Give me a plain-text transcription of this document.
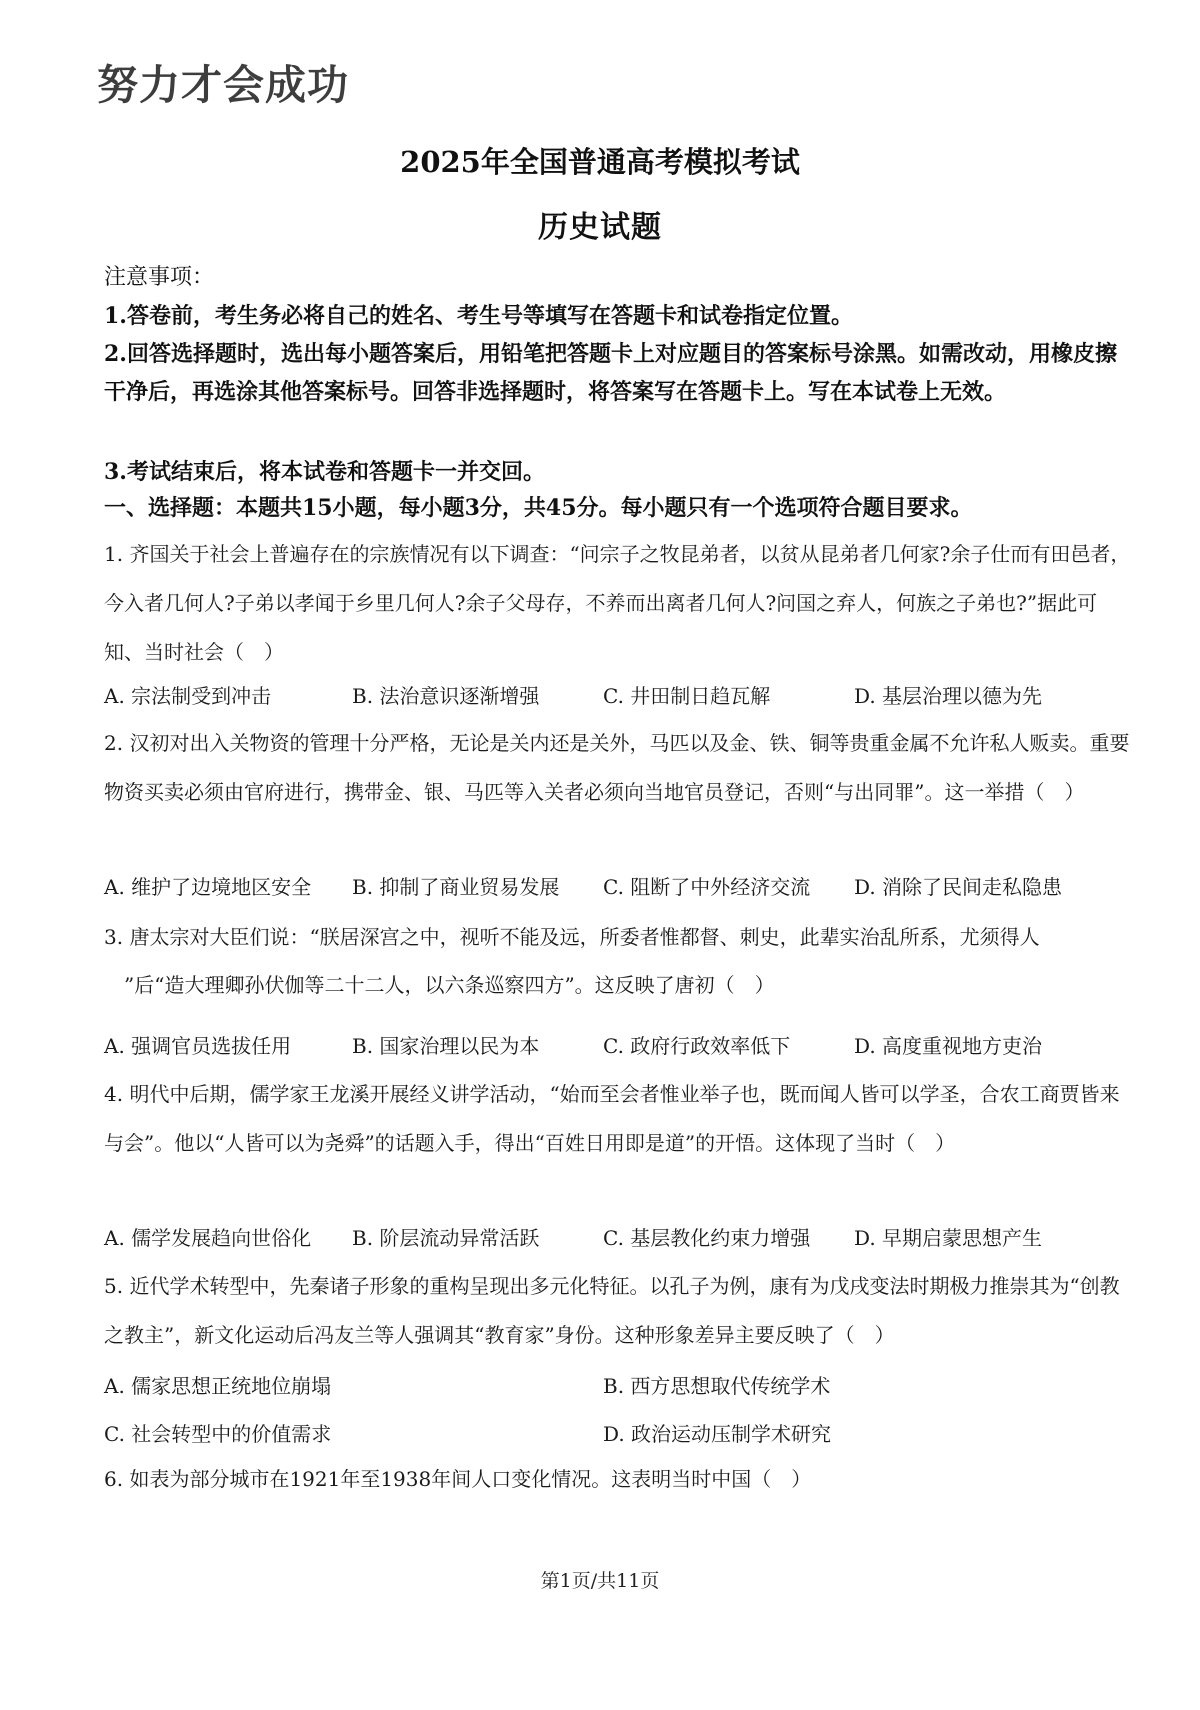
努力才会成功
2025年全国普通高考模拟考试
历史试题
注意事项：
1.答卷前，考生务必将自己的姓名、考生号等填写在答题卡和试卷指定位置。
2.回答选择题时，选出每小题答案后，用铅笔把答题卡上对应题目的答案标号涂黑。如需改动，用橡皮擦干净后，再选涂其他答案标号。回答非选择题时，将答案写在答题卡上。写在本试卷上无效。
3.考试结束后，将本试卷和答题卡一并交回。
一、选择题：本题共15小题，每小题3分，共45分。每小题只有一个选项符合题目要求。
1. 齐国关于社会上普遍存在的宗族情况有以下调查：“问宗子之牧昆弟者，以贫从昆弟者几何家?余子仕而有田邑者，今入者几何人?子弟以孝闻于乡里几何人?余子父母存，不养而出离者几何人?问国之弃人，何族之子弟也?”据此可知、当时社会（　）
A. 宗法制受到冲击	B. 法治意识逐渐增强	C. 井田制日趋瓦解	D. 基层治理以德为先
2. 汉初对出入关物资的管理十分严格，无论是关内还是关外，马匹以及金、铁、铜等贵重金属不允许私人贩卖。重要物资买卖必须由官府进行，携带金、银、马匹等入关者必须向当地官员登记，否则“与出同罪”。这一举措（　）
A. 维护了边境地区安全 B. 抑制了商业贸易发展 C. 阻断了中外经济交流 D. 消除了民间走私隐患
3. 唐太宗对大臣们说：“朕居深宫之中，视听不能及远，所委者惟都督、刺史，此辈实治乱所系，尤须得人
”后“造大理卿孙伏伽等二十二人，以六条巡察四方”。这反映了唐初（　）
A. 强调官员选拔任用	B. 国家治理以民为本	C. 政府行政效率低下	D. 高度重视地方吏治
4. 明代中后期，儒学家王龙溪开展经义讲学活动，“始而至会者惟业举子也，既而闻人皆可以学圣，合农工商贾皆来与会”。他以“人皆可以为尧舜”的话题入手，得出“百姓日用即是道”的开悟。这体现了当时（　）
A. 儒学发展趋向世俗化 B. 阶层流动异常活跃	C. 基层教化约束力增强 D. 早期启蒙思想产生
5. 近代学术转型中，先秦诸子形象的重构呈现出多元化特征。以孔子为例，康有为戊戌变法时期极力推崇其为“创教之教主”，新文化运动后冯友兰等人强调其“教育家”身份。这种形象差异主要反映了（　）
A. 儒家思想正统地位崩塌	B. 西方思想取代传统学术
C. 社会转型中的价值需求	D. 政治运动压制学术研究
6. 如表为部分城市在1921年至1938年间人口变化情况。这表明当时中国（　）
第1页/共11页
